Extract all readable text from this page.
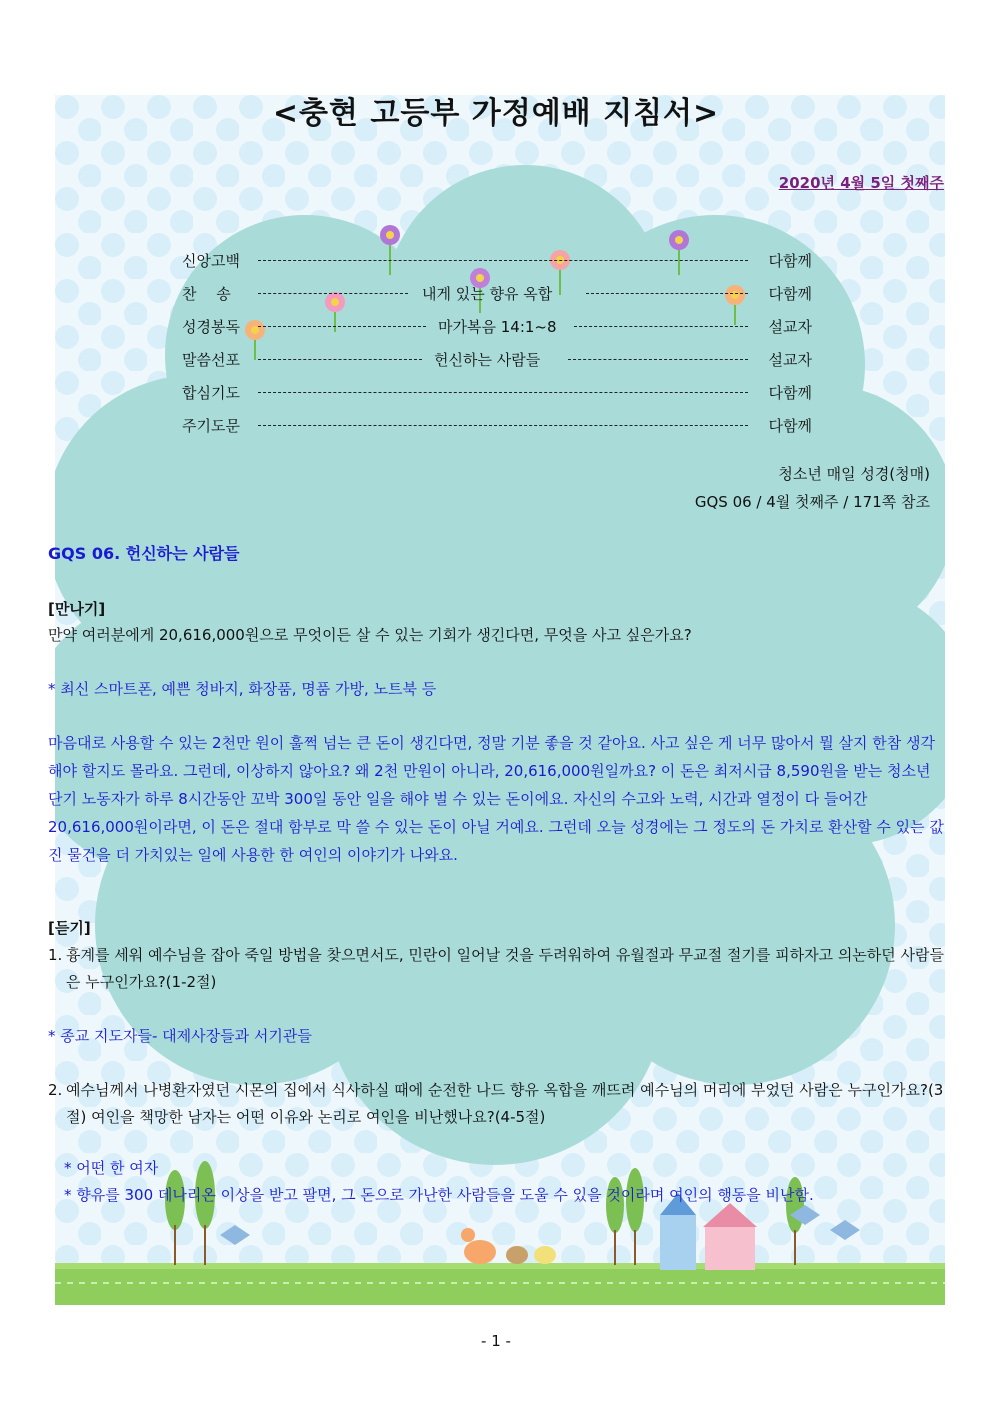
<충현 고등부 가정예배 지침서>
2020년 4월 5일 첫째주
신앙고백	다함께
찬　 송	내게 있는 향유 옥합	다함께
성경봉독	마가복음 14:1~8	설교자
말씀선포	헌신하는 사람들	설교자
합심기도	다함께
주기도문	다함께
청소년 매일 성경(청매)
GQS 06 / 4월 첫째주 / 171쪽 참조
GQS 06. 헌신하는 사람들
[만나기]
만약 여러분에게 20,616,000원으로 무엇이든 살 수 있는 기회가 생긴다면, 무엇을 사고 싶은가요?
* 최신 스마트폰, 예쁜 청바지, 화장품, 명품 가방, 노트북 등
마음대로 사용할 수 있는 2천만 원이 훌쩍 넘는 큰 돈이 생긴다면, 정말 기분 좋을 것 같아요. 사고 싶은 게 너무 많아서 뭘 살지 한참 생각해야 할지도 몰라요. 그런데, 이상하지 않아요? 왜 2천 만원이 아니라, 20,616,000원일까요? 이 돈은 최저시급 8,590원을 받는 청소년 단기 노동자가 하루 8시간동안 꼬박 300일 동안 일을 해야 벌 수 있는 돈이에요. 자신의 수고와 노력, 시간과 열정이 다 들어간 20,616,000원이라면, 이 돈은 절대 함부로 막 쓸 수 있는 돈이 아닐 거예요. 그런데 오늘 성경에는 그 정도의 돈 가치로 환산할 수 있는 값진 물건을 더 가치있는 일에 사용한 한 여인의 이야기가 나와요.
[듣기]
1. 흉계를 세워 예수님을 잡아 죽일 방법을 찾으면서도, 민란이 일어날 것을 두려워하여 유월절과 무교절 절기를 피하자고 의논하던 사람들은 누구인가요?(1-2절)
* 종교 지도자들- 대제사장들과 서기관들
2. 예수님께서 나병환자였던 시몬의 집에서 식사하실 때에 순전한 나드 향유 옥합을 깨뜨려 예수님의 머리에 부었던 사람은 누구인가요?(3절) 여인을 책망한 남자는 어떤 이유와 논리로 여인을 비난했나요?(4-5절)
* 어떤 한 여자
* 향유를 300 데나리온 이상을 받고 팔면, 그 돈으로 가난한 사람들을 도울 수 있을 것이라며 여인의 행동을 비난함.
- 1 -
